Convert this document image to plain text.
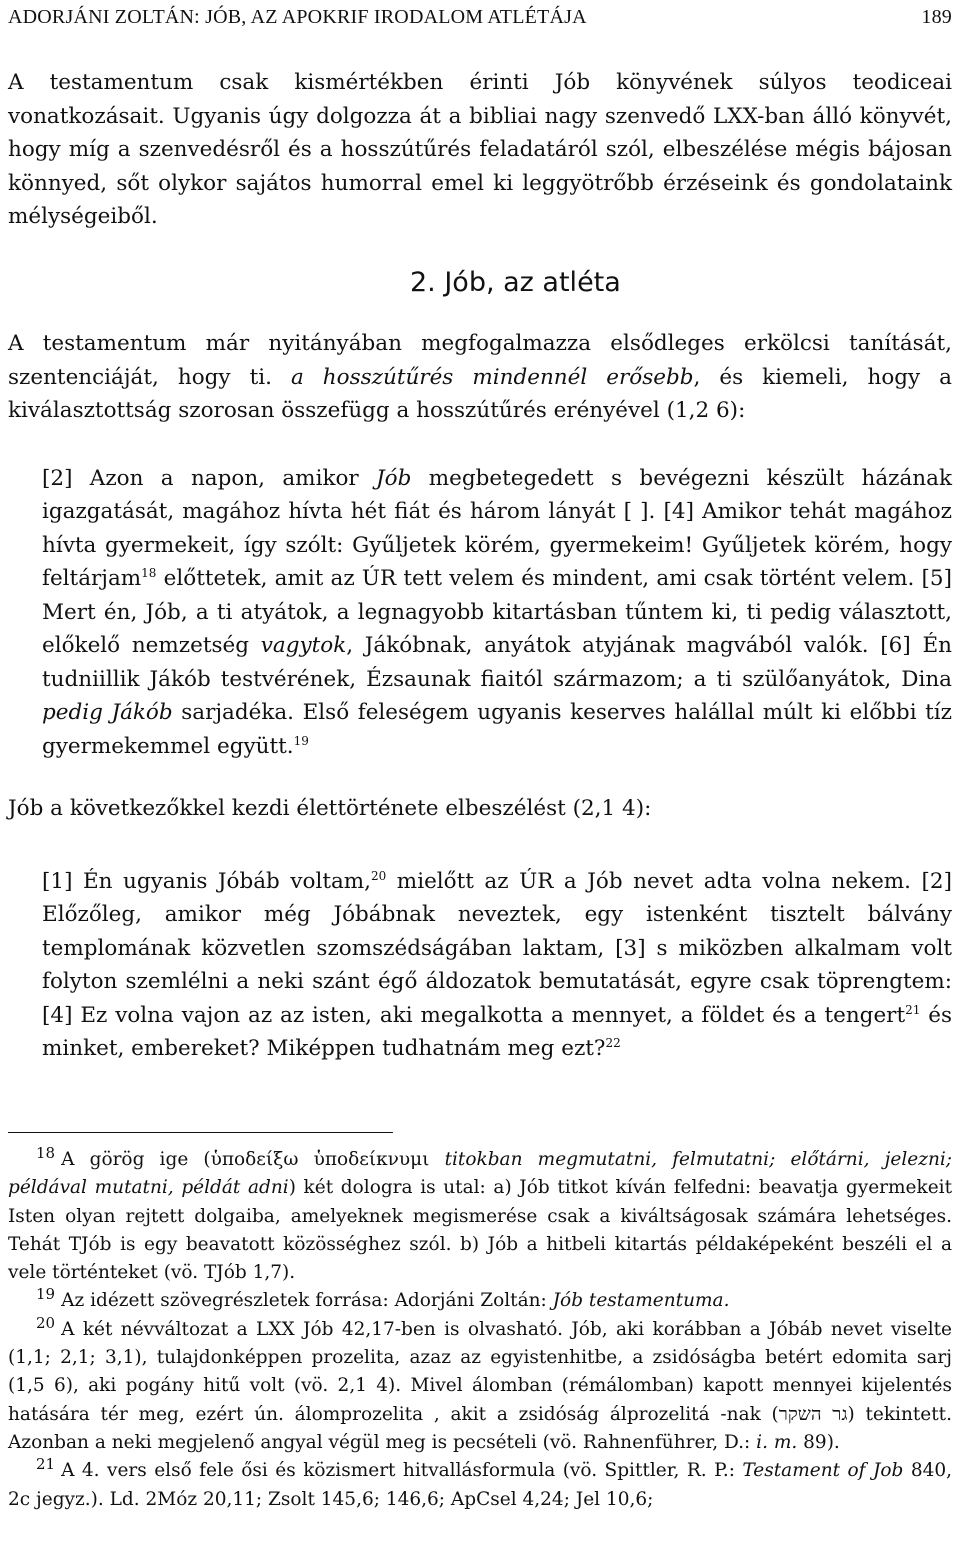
ADORJÁNI ZOLTÁN: JÓB, AZ APOKRIF IRODALOM ATLÉTÁJA	189

A testamentum csak kismértékben érinti Jób könyvének súlyos teodiceai vonatkozásait. Ugyanis úgy dolgozza át a bibliai nagy szenvedő LXX-ban álló könyvét, hogy míg a szenvedésről és a hosszútűrés feladatáról szól, elbeszélése mégis bájosan könnyed, sőt olykor sajátos humorral emel ki leggyötrőbb érzéseink és gondolataink mélységeiből.

2. Jób, az atléta

A testamentum már nyitányában megfogalmazza elsődleges erkölcsi tanítását, szentenciáját, hogy ti. a hosszútűrés mindennél erősebb, és kiemeli, hogy a kiválasztottság szorosan összefügg a hosszútűrés erényével (1,2 6):

[2] Azon a napon, amikor Jób megbetegedett s bevégezni készült házának igazgatását, magához hívta hét fiát és három lányát [ ]. [4] Amikor tehát magához hívta gyermekeit, így szólt: Gyűljetek körém, gyermekeim! Gyűljetek körém, hogy feltárjam$^{18}$ előttetek, amit az ÚR tett velem és mindent, ami csak történt velem. [5] Mert én, Jób, a ti atyátok, a legnagyobb kitartásban tűntem ki, ti pedig választott, előkelő nemzetség vagytok, Jákóbnak, anyátok atyjának magvából valók. [6] Én tudniillik Jákób testvérének, Ézsaunak fiaitól származom; a ti szülőanyátok, Dina pedig Jákób sarjadéka. Első feleségem ugyanis keserves halállal múlt ki előbbi tíz gyermekemmel együtt.$^{19}$

Jób a következőkkel kezdi élettörténete elbeszélést (2,1 4):

[1] Én ugyanis Jóbáb voltam,$^{20}$ mielőtt az ÚR a Jób nevet adta volna nekem. [2] Előzőleg, amikor még Jóbábnak neveztek, egy istenként tisztelt bálvány templomának közvetlen szomszédságában laktam, [3] s miközben alkalmam volt folyton szemlélni a neki szánt égő áldozatok bemutatását, egyre csak töprengtem: [4] Ez volna vajon az az isten, aki megalkotta a mennyet, a földet és a tengert$^{21}$ és minket, embereket? Miképpen tudhatnám meg ezt?$^{22}$

$^{18}$ A görög ige (ὑποδείξω ὑποδείκνυμι titokban megmutatni, felmutatni; előtárni, jelezni; példával mutatni, példát adni) két dologra is utal: a) Jób titkot kíván felfedni: beavatja gyermekeit Isten olyan rejtett dolgaiba, amelyeknek megismerése csak a kiváltságosak számára lehetséges. Tehát TJób is egy beavatott közösséghez szól. b) Jób a hitbeli kitartás példaképeként beszéli el a vele történteket (vö. TJób 1,7).

$^{19}$ Az idézett szövegrészletek forrása: Adorjáni Zoltán: Jób testamentuma.

$^{20}$ A két névváltozat a LXX Jób 42,17-ben is olvasható. Jób, aki korábban a Jóbáb nevet viselte (1,1; 2,1; 3,1), tulajdonképpen prozelita, azaz az egyistenhitbe, a zsidóságba betért edomita sarj (1,5 6), aki pogány hitű volt (vö. 2,1 4). Mivel álomban (rémálomban) kapott mennyei kijelentés hatására tér meg, ezért ún. álomprozelita , akit a zsidóság álprozelitá -nak (גר השקר) tekintett. Azonban a neki megjelenő angyal végül meg is pecsételi (vö. Rahnenführer, D.: i. m. 89).

$^{21}$ A 4. vers első fele ősi és közismert hitvallásformula (vö. Spittler, R. P.: Testament of Job 840, 2c jegyz.). Ld. 2Móz 20,11; Zsolt 145,6; 146,6; ApCsel 4,24; Jel 10,6;
